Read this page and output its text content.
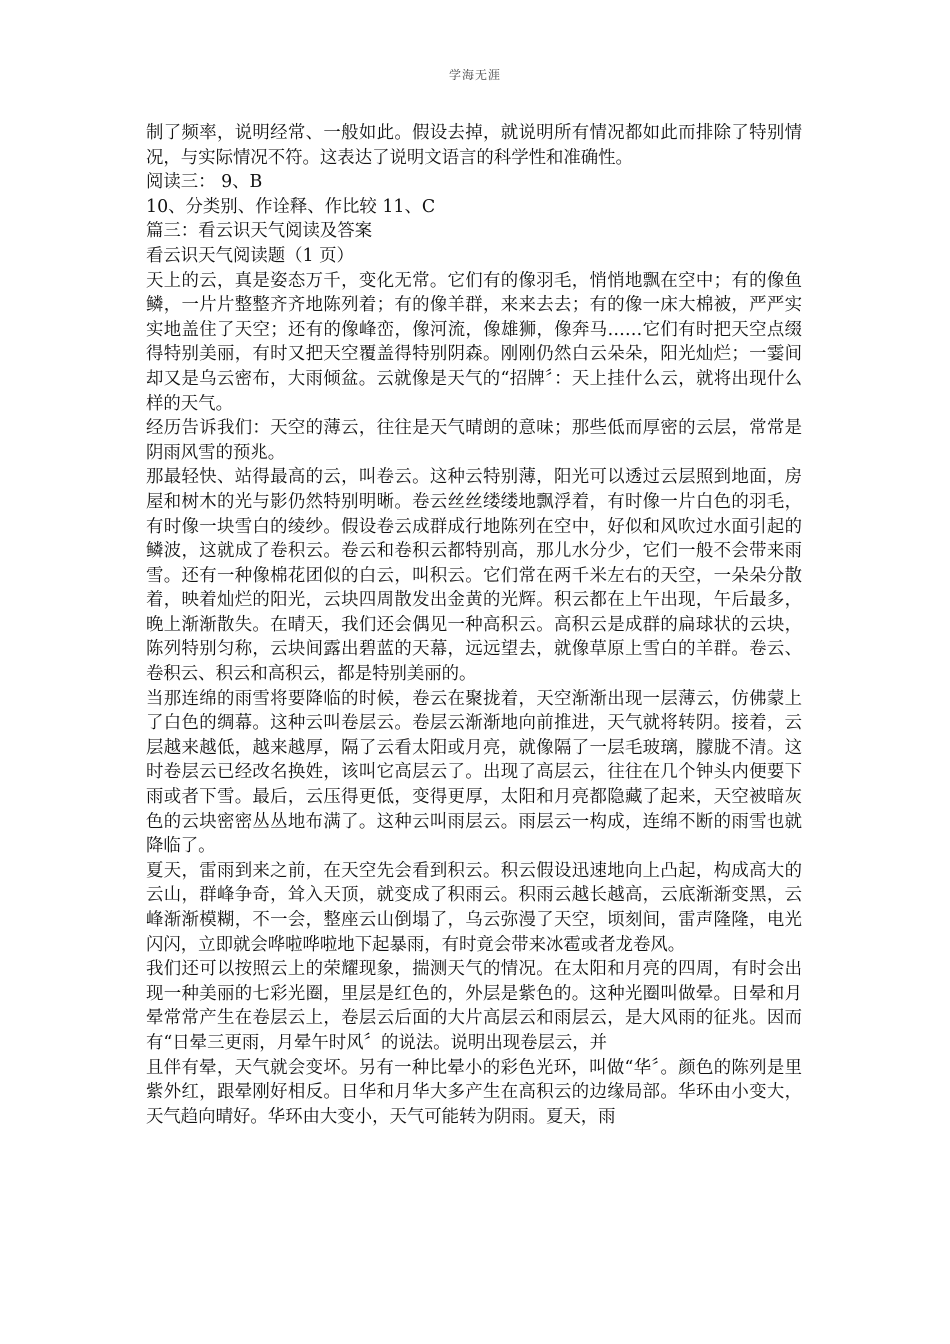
学海无涯

制了频率，说明经常、一般如此。假设去掉，就说明所有情况都如此而排除了特别情况，与实际情况不符。这表达了说明文语言的科学性和准确性。

阅读三： 9、B

10、分类别、作诠释、作比较 11、C

篇三：看云识天气阅读及答案

看云识天气阅读题（1 页）

天上的云，真是姿态万千，变化无常。它们有的像羽毛，悄悄地飘在空中；有的像鱼鳞，一片片整整齐齐地陈列着；有的像羊群，来来去去；有的像一床大棉被，严严实实地盖住了天空；还有的像峰峦，像河流，像雄狮，像奔马……它们有时把天空点缀得特别美丽，有时又把天空覆盖得特别阴森。刚刚仍然白云朵朵，阳光灿烂；一霎间却又是乌云密布，大雨倾盆。云就像是天气的“招牌〞：天上挂什么云，就将出现什么样的天气。

经历告诉我们：天空的薄云，往往是天气晴朗的意味；那些低而厚密的云层，常常是阴雨风雪的预兆。

那最轻快、站得最高的云，叫卷云。这种云特别薄，阳光可以透过云层照到地面，房屋和树木的光与影仍然特别明晰。卷云丝丝缕缕地飘浮着，有时像一片白色的羽毛，有时像一块雪白的绫纱。假设卷云成群成行地陈列在空中，好似和风吹过水面引起的鳞波，这就成了卷积云。卷云和卷积云都特别高，那儿水分少，它们一般不会带来雨雪。还有一种像棉花团似的白云，叫积云。它们常在两千米左右的天空，一朵朵分散着，映着灿烂的阳光，云块四周散发出金黄的光辉。积云都在上午出现，午后最多，晚上渐渐散失。在晴天，我们还会偶见一种高积云。高积云是成群的扁球状的云块，陈列特别匀称，云块间露出碧蓝的天幕，远远望去，就像草原上雪白的羊群。卷云、卷积云、积云和高积云，都是特别美丽的。

当那连绵的雨雪将要降临的时候，卷云在聚拢着，天空渐渐出现一层薄云，仿佛蒙上了白色的绸幕。这种云叫卷层云。卷层云渐渐地向前推进，天气就将转阴。接着，云层越来越低，越来越厚，隔了云看太阳或月亮，就像隔了一层毛玻璃，朦胧不清。这时卷层云已经改名换姓，该叫它高层云了。出现了高层云，往往在几个钟头内便要下雨或者下雪。最后，云压得更低，变得更厚，太阳和月亮都隐藏了起来，天空被暗灰色的云块密密丛丛地布满了。这种云叫雨层云。雨层云一构成，连绵不断的雨雪也就降临了。

夏天，雷雨到来之前，在天空先会看到积云。积云假设迅速地向上凸起，构成高大的云山，群峰争奇，耸入天顶，就变成了积雨云。积雨云越长越高，云底渐渐变黑，云峰渐渐模糊，不一会，整座云山倒塌了，乌云弥漫了天空，顷刻间，雷声隆隆，电光闪闪，立即就会哗啦哗啦地下起暴雨，有时竟会带来冰雹或者龙卷风。

我们还可以按照云上的荣耀现象，揣测天气的情况。在太阳和月亮的四周，有时会出现一种美丽的七彩光圈，里层是红色的，外层是紫色的。这种光圈叫做晕。日晕和月晕常常产生在卷层云上，卷层云后面的大片高层云和雨层云，是大风雨的征兆。因而有“日晕三更雨，月晕午时风〞的说法。说明出现卷层云，并

且伴有晕，天气就会变坏。另有一种比晕小的彩色光环，叫做“华〞。颜色的陈列是里紫外红，跟晕刚好相反。日华和月华大多产生在高积云的边缘局部。华环由小变大，天气趋向晴好。华环由大变小，天气可能转为阴雨。夏天，雨
